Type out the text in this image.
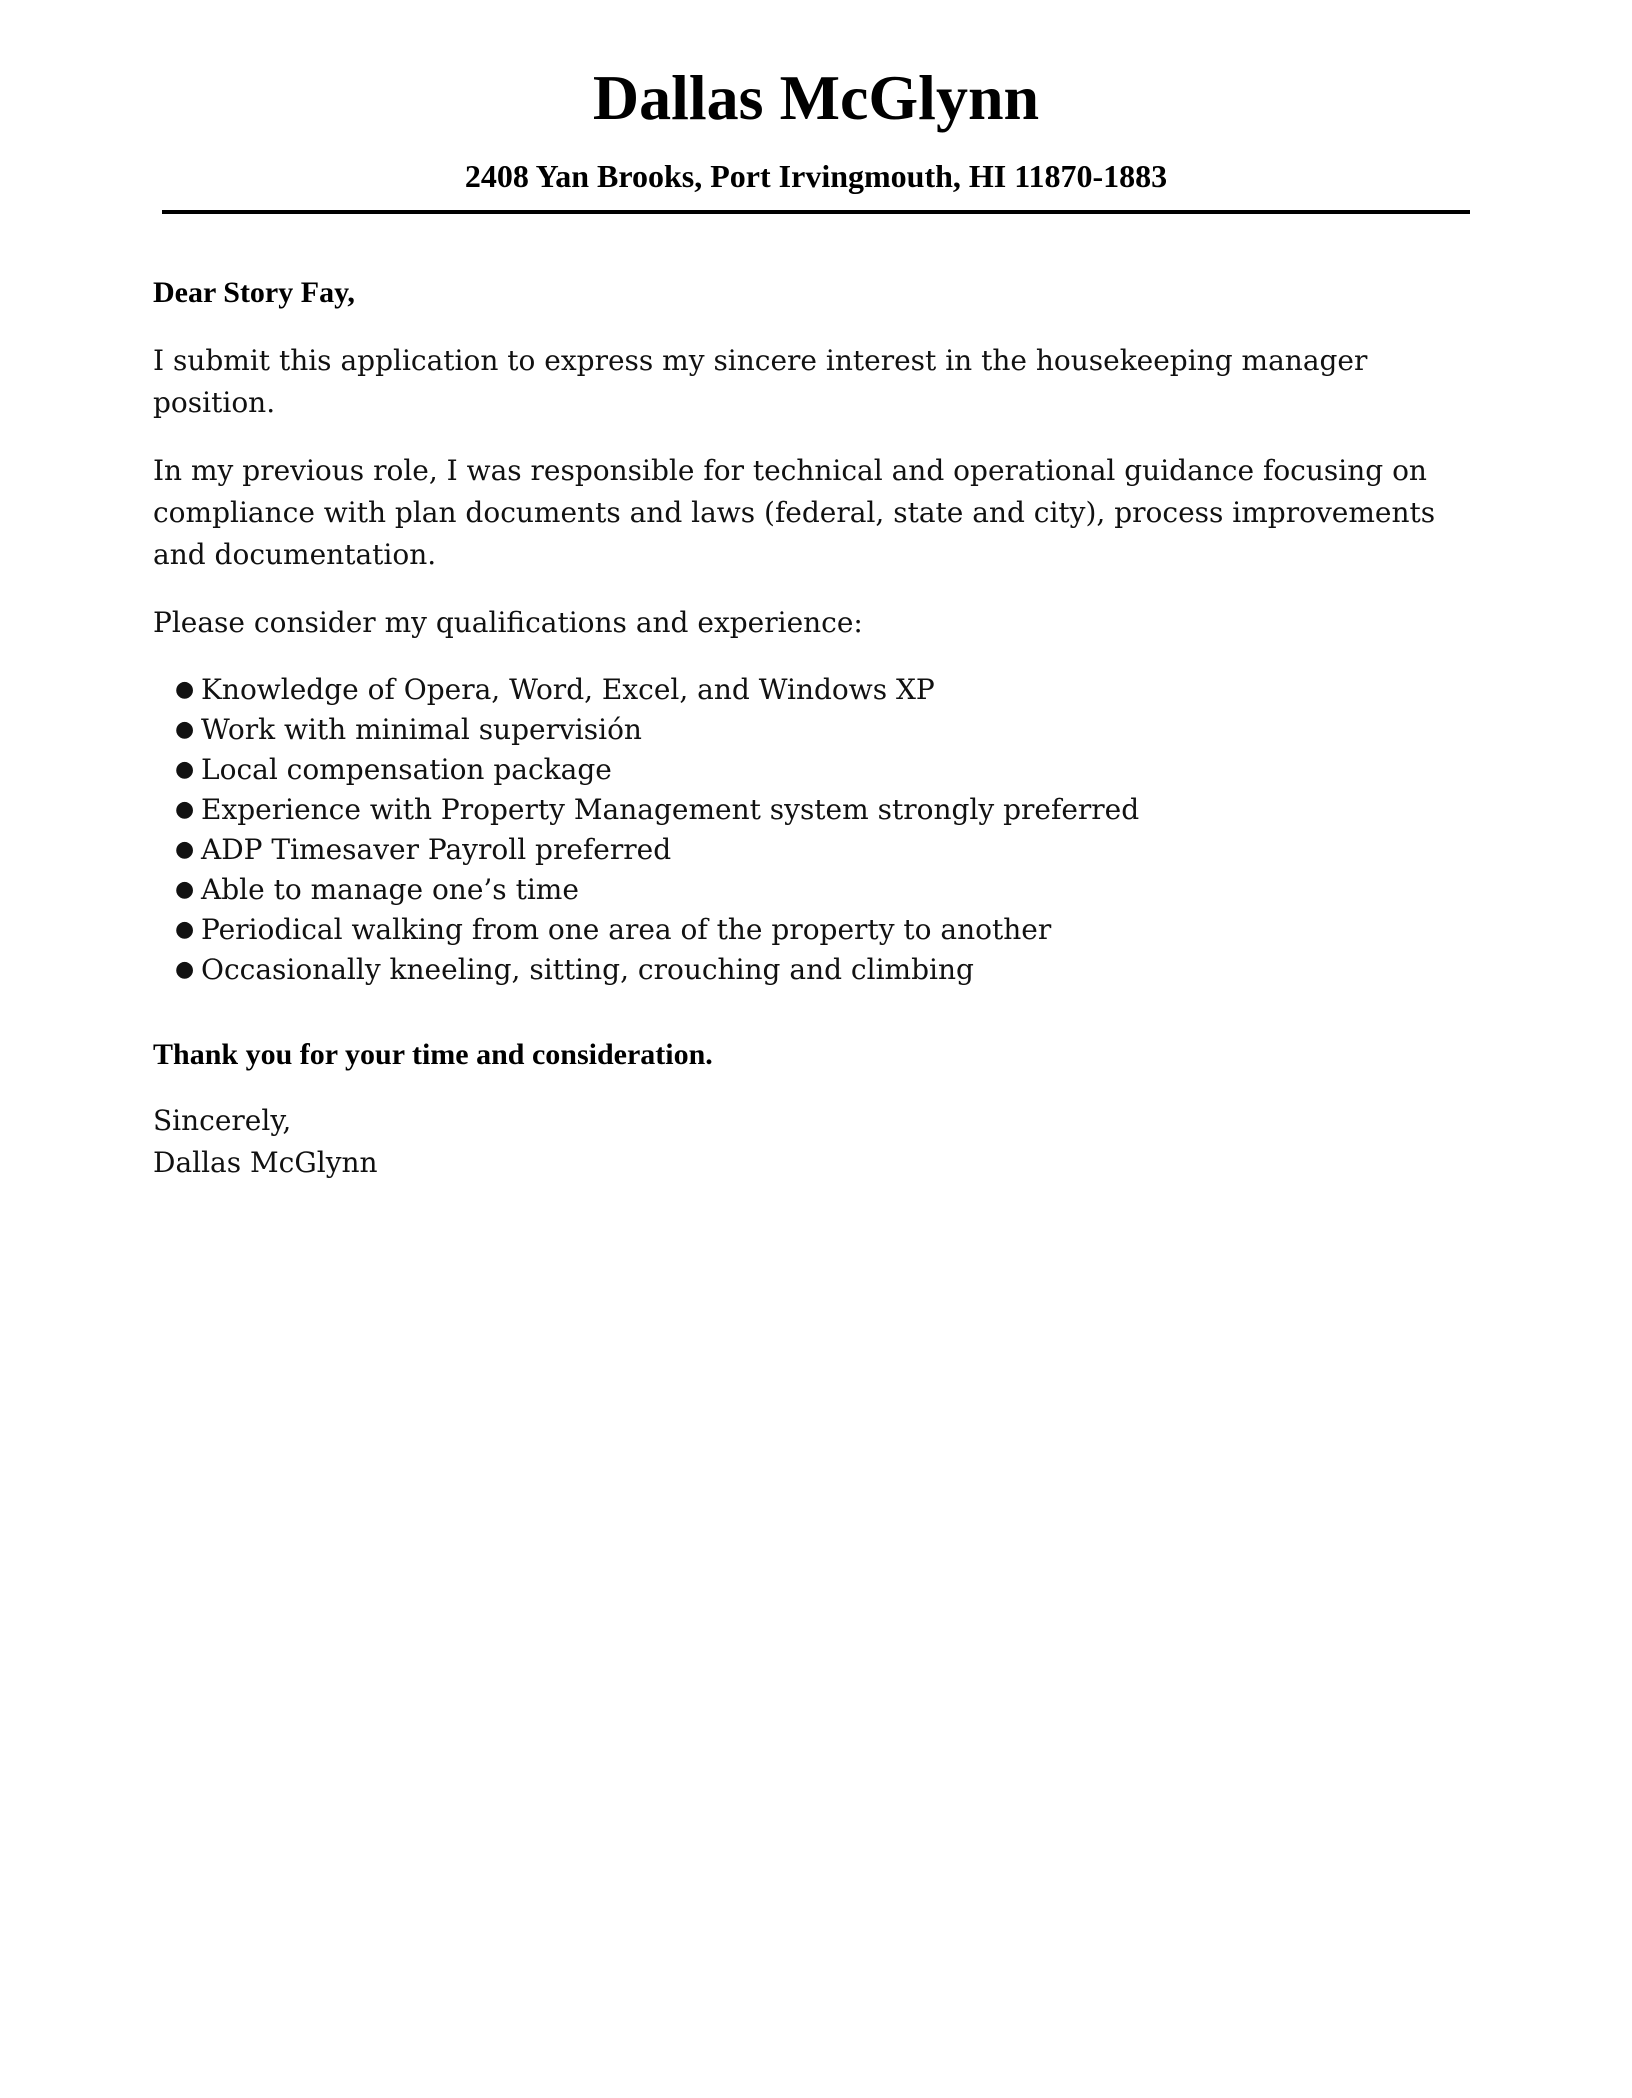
Dallas McGlynn
2408 Yan Brooks, Port Irvingmouth, HI 11870-1883

Dear Story Fay,

I submit this application to express my sincere interest in the housekeeping manager position.

In my previous role, I was responsible for technical and operational guidance focusing on compliance with plan documents and laws (federal, state and city), process improvements and documentation.

Please consider my qualifications and experience:

● Knowledge of Opera, Word, Excel, and Windows XP
● Work with minimal supervisión
● Local compensation package
● Experience with Property Management system strongly preferred
● ADP Timesaver Payroll preferred
● Able to manage one’s time
● Periodical walking from one area of the property to another
● Occasionally kneeling, sitting, crouching and climbing

Thank you for your time and consideration.

Sincerely,

Dallas McGlynn
